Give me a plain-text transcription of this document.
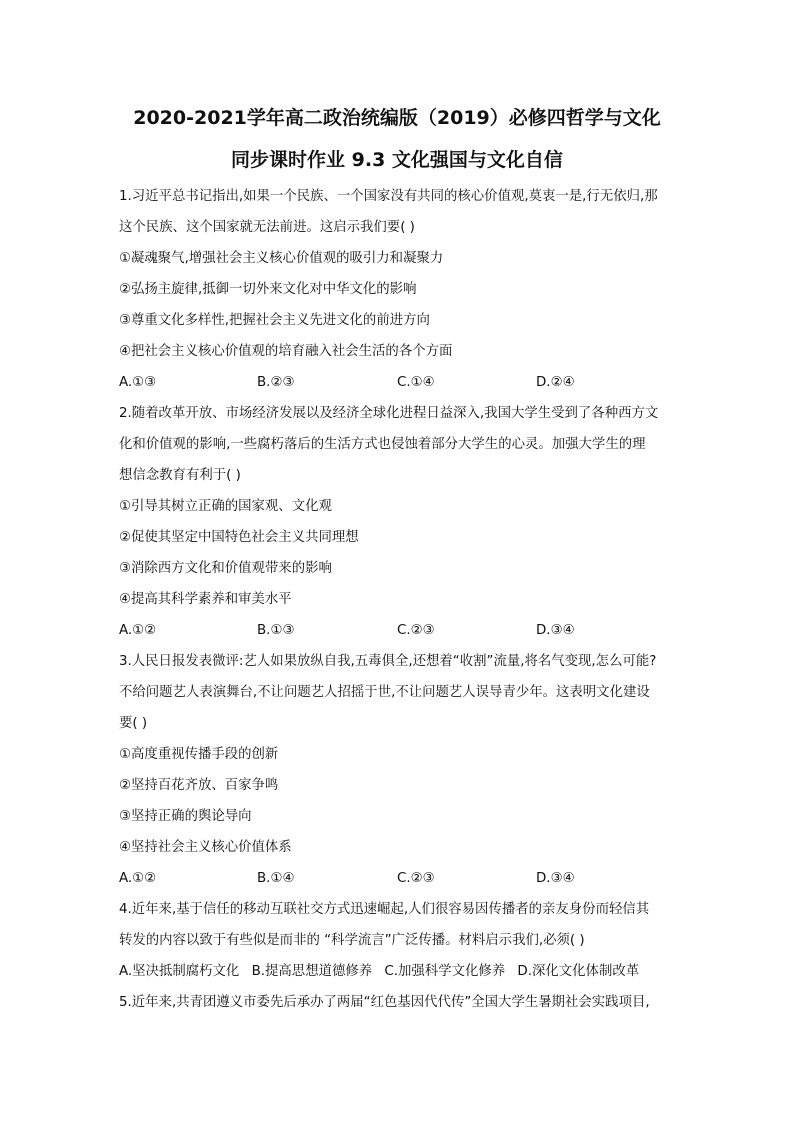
2020-2021学年高二政治统编版（2019）必修四哲学与文化
同步课时作业 9.3 文化强国与文化自信
1.习近平总书记指出,如果一个民族、一个国家没有共同的核心价值观,莫衷一是,行无依归,那
这个民族、这个国家就无法前进。这启示我们要( )
①凝魂聚气,增强社会主义核心价值观的吸引力和凝聚力
②弘扬主旋律,抵御一切外来文化对中华文化的影响
③尊重文化多样性,把握社会主义先进文化的前进方向
④把社会主义核心价值观的培育融入社会生活的各个方面
A.①③	B.②③	C.①④	D.②④
2.随着改革开放、市场经济发展以及经济全球化进程日益深入,我国大学生受到了各种西方文
化和价值观的影响,一些腐朽落后的生活方式也侵蚀着部分大学生的心灵。加强大学生的理
想信念教育有利于( )
①引导其树立正确的国家观、文化观
②促使其坚定中国特色社会主义共同理想
③消除西方文化和价值观带来的影响
④提高其科学素养和审美水平
A.①②	B.①③	C.②③	D.③④
3.人民日报发表微评:艺人如果放纵自我,五毒俱全,还想着“收割”流量,将名气变现,怎么可能?
不给问题艺人表演舞台,不让问题艺人招摇于世,不让问题艺人误导青少年。这表明文化建设
要( )
①高度重视传播手段的创新
②坚持百花齐放、百家争鸣
③坚持正确的舆论导向
④坚持社会主义核心价值体系
A.①②	B.①④	C.②③	D.③④
4.近年来,基于信任的移动互联社交方式迅速崛起,人们很容易因传播者的亲友身份而轻信其
转发的内容以致于有些似是而非的 “科学流言”广泛传播。材料启示我们,必须( )
A.坚决抵制腐朽文化 B.提高思想道德修养 C.加强科学文化修养 D.深化文化体制改革
5.近年来,共青团遵义市委先后承办了两届“红色基因代代传”全国大学生暑期社会实践项目,
